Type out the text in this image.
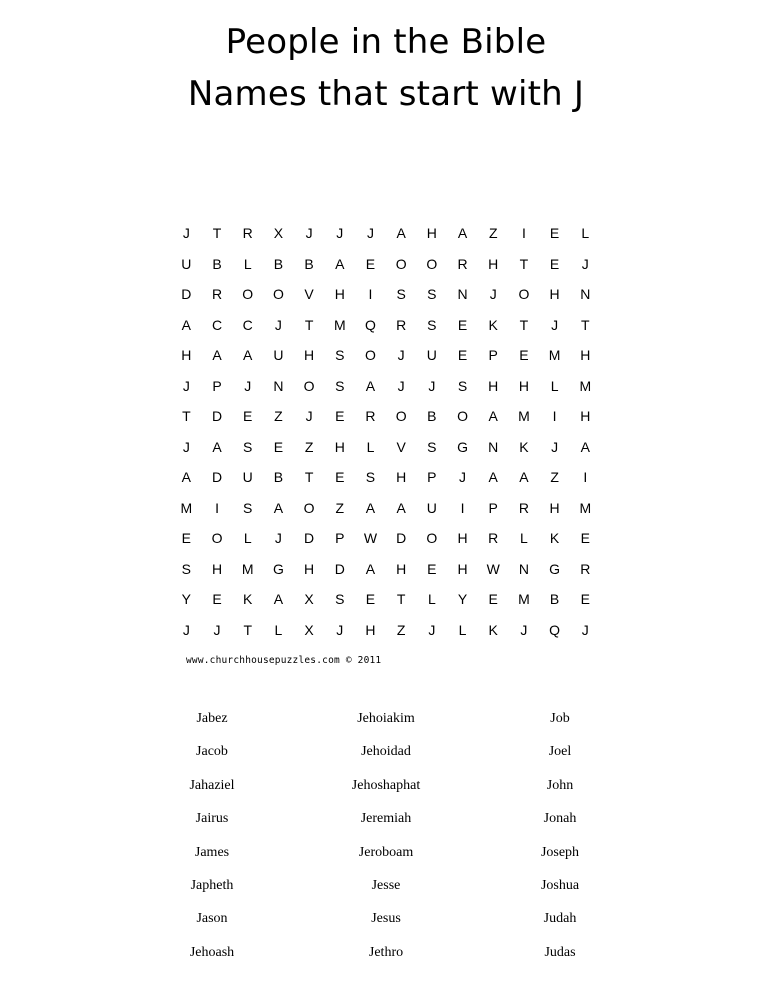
People in the Bible
Names that start with J
J	T	R	X	J	J	J	A	H	A	Z	I	E	L
U	B	L	B	B	A	E	O	O	R	H	T	E	J
D	R	O	O	V	H	I	S	S	N	J	O	H	N
A	C	C	J	T	M	Q	R	S	E	K	T	J	T
H	A	A	U	H	S	O	J	U	E	P	E	M	H
J	P	J	N	O	S	A	J	J	S	H	H	L	M
T	D	E	Z	J	E	R	O	B	O	A	M	I	H
J	A	S	E	Z	H	L	V	S	G	N	K	J	A
A	D	U	B	T	E	S	H	P	J	A	A	Z	I
M	I	S	A	O	Z	A	A	U	I	P	R	H	M
E	O	L	J	D	P	W	D	O	H	R	L	K	E
S	H	M	G	H	D	A	H	E	H	W	N	G	R
Y	E	K	A	X	S	E	T	L	Y	E	M	B	E
J	J	T	L	X	J	H	Z	J	L	K	J	Q	J
www.churchhousepuzzles.com © 2011
Jabez
Jacob
Jahaziel
Jairus
James
Japheth
Jason
Jehoash
Jehoiakim
Jehoidad
Jehoshaphat
Jeremiah
Jeroboam
Jesse
Jesus
Jethro
Job
Joel
John
Jonah
Joseph
Joshua
Judah
Judas
